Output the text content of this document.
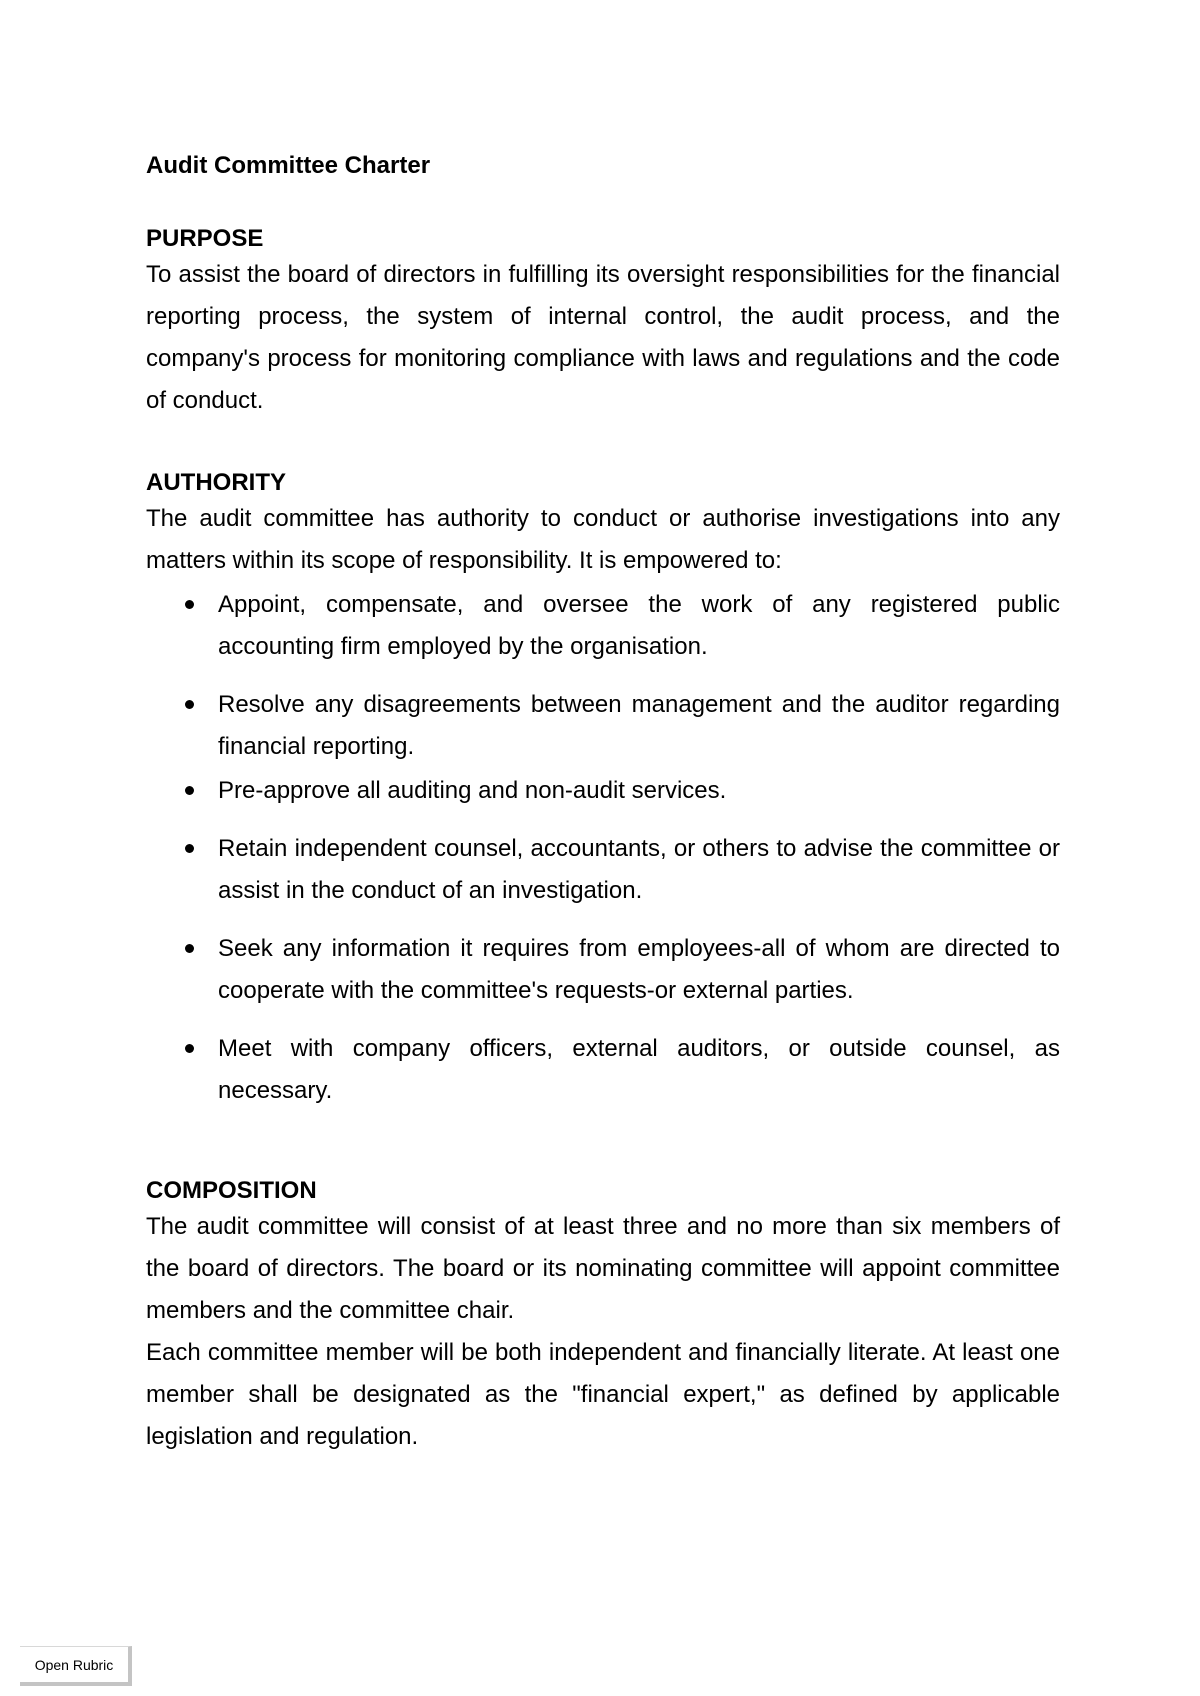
Audit Committee Charter
PURPOSE

To assist the board of directors in fulfilling its oversight responsibilities for the financial reporting process, the system of internal control, the audit process, and the company's process for monitoring compliance with laws and regulations and the code of conduct.

AUTHORITY

The audit committee has authority to conduct or authorise investigations into any matters within its scope of responsibility. It is empowered to:

Appoint, compensate, and oversee the work of any registered public accounting firm employed by the organisation.
Resolve any disagreements between management and the auditor regarding financial reporting.
Pre-approve all auditing and non-audit services.
Retain independent counsel, accountants, or others to advise the committee or assist in the conduct of an investigation.
Seek any information it requires from employees-all of whom are directed to cooperate with the committee's requests-or external parties.
Meet with company officers, external auditors, or outside counsel, as necessary.
COMPOSITION

The audit committee will consist of at least three and no more than six members of the board of directors. The board or its nominating committee will appoint committee members and the committee chair.

Each committee member will be both independent and financially literate. At least one member shall be designated as the "financial expert," as defined by applicable legislation and regulation.

Open Rubric
